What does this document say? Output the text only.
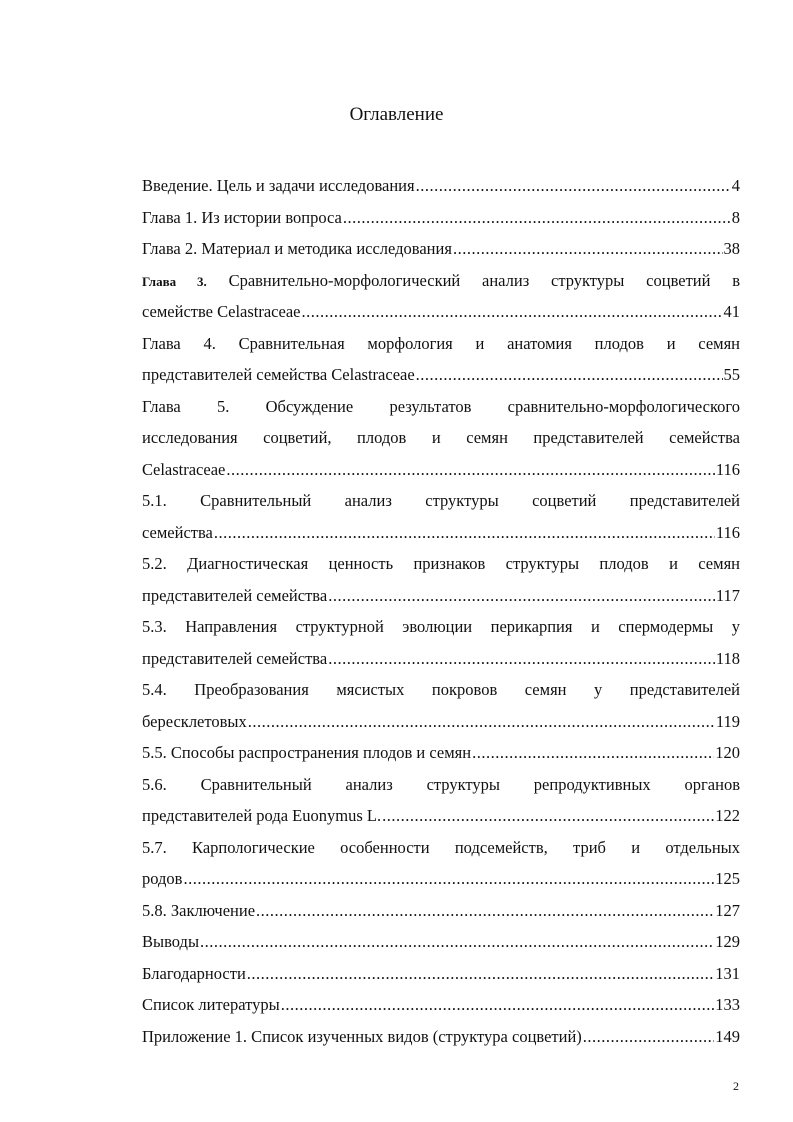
Оглавление
Введение. Цель и задачи исследования .....	4
Глава 1. Из истории вопроса .....	8
Глава 2. Материал и методика исследования .....	38
Глава 3. Сравнительно-морфологический анализ структуры соцветий в
семействе Celastraceae .....	41
Глава 4. Сравнительная морфология и анатомия плодов и семян
представителей семейства Celastraceae .....	55
Глава 5. Обсуждение результатов сравнительно-морфологического
исследования соцветий, плодов и семян представителей семейства
Celastraceae .....	116
5.1. Сравнительный анализ структуры соцветий представителей
семейства .....	116
5.2. Диагностическая ценность признаков структуры плодов и семян
представителей семейства .....	117
5.3. Направления структурной эволюции перикарпия и спермодермы у
представителей семейства .....	118
5.4. Преобразования мясистых покровов семян у представителей
бересклетовых .....	119
5.5. Способы распространения плодов и семян .....	120
5.6. Сравнительный анализ структуры репродуктивных органов
представителей рода Euonymus L. .....	122
5.7. Карпологические особенности подсемейств, триб и отдельных
родов .....	125
5.8. Заключение .....	127
Выводы .....	129
Благодарности .....	131
Список литературы .....	133
Приложение 1. Список изученных видов (структура соцветий) .....	149
2
